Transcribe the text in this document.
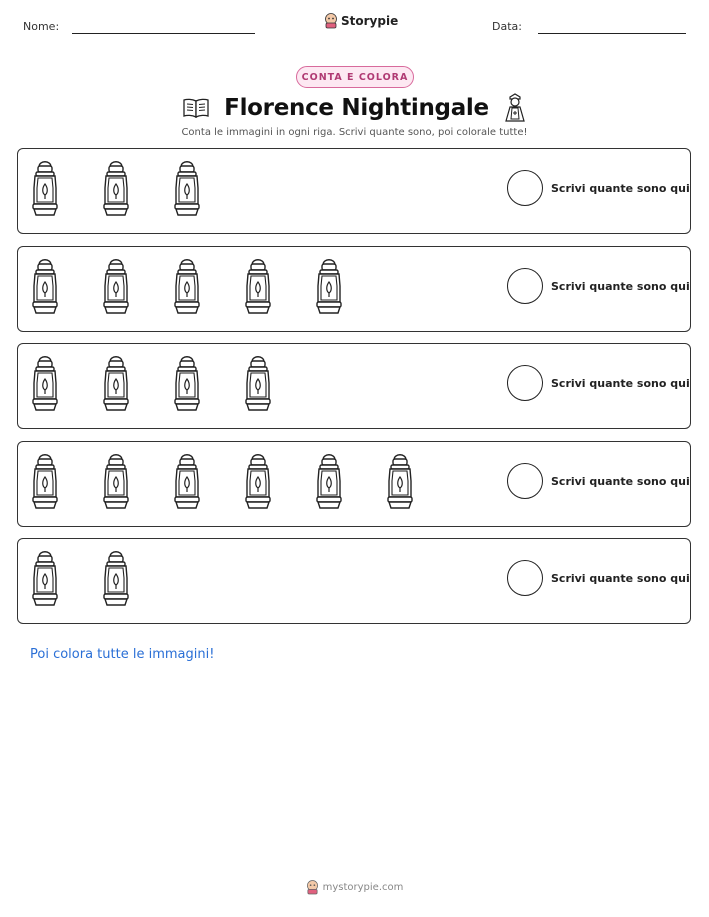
Nome:	Storypie	Data:
CONTA E COLORA
Florence Nightingale
Conta le immagini in ogni riga. Scrivi quante sono, poi colorale tutte!
Scrivi quante sono qui
Scrivi quante sono qui
Scrivi quante sono qui
Scrivi quante sono qui
Scrivi quante sono qui
Poi colora tutte le immagini!
mystorypie.com
